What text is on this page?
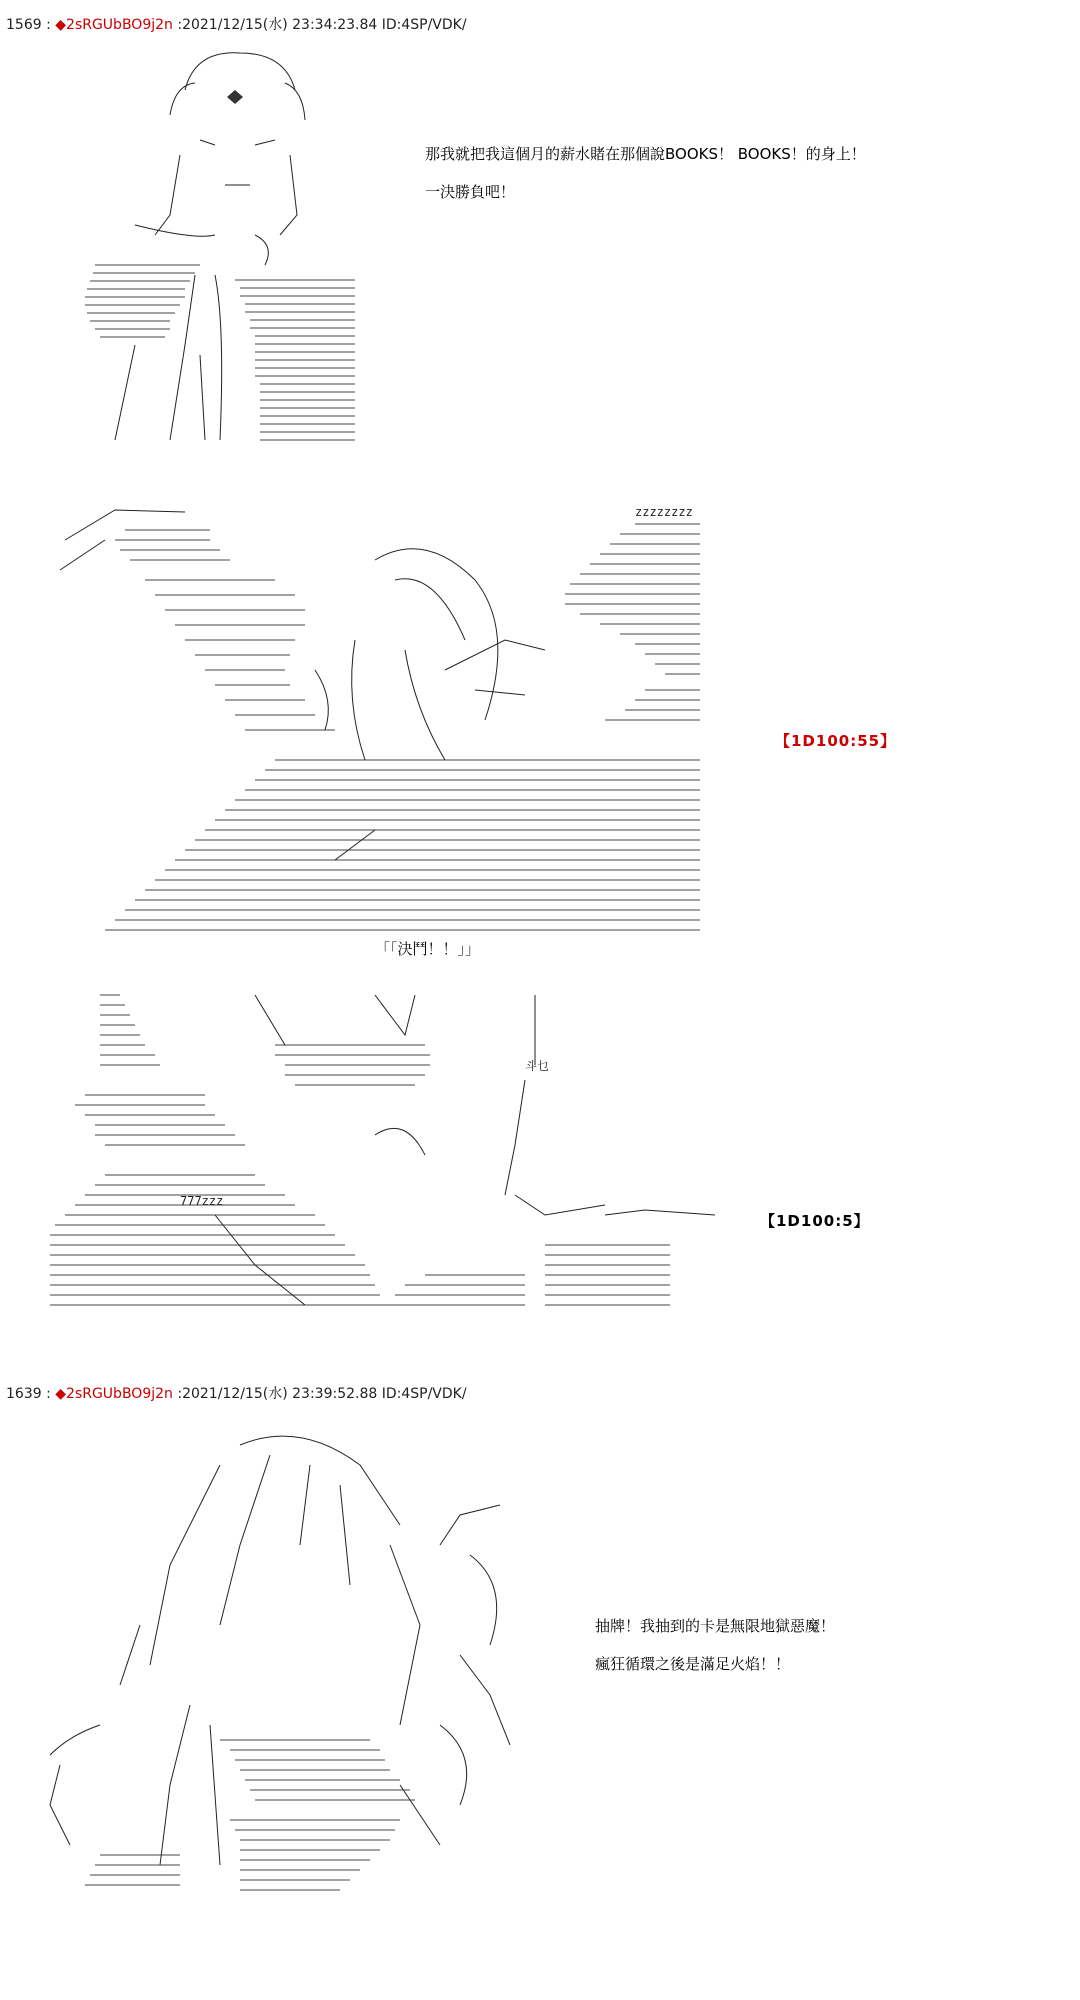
1569 : ◆2sRGUbBO9j2n :2021/12/15(水) 23:34:23.84 ID:4SP/VDK/
那我就把我這個月的薪水賭在那個說BOOKS！ BOOKS！的身上！
一決勝負吧！
zzzzzzzz
【1D100:55】
「「決鬥！！」」
斗乜
777zzz
【1D100:5】
1639 : ◆2sRGUbBO9j2n :2021/12/15(水) 23:39:52.88 ID:4SP/VDK/
抽牌！我抽到的卡是無限地獄惡魔！
瘋狂循環之後是滿足火焰！！
